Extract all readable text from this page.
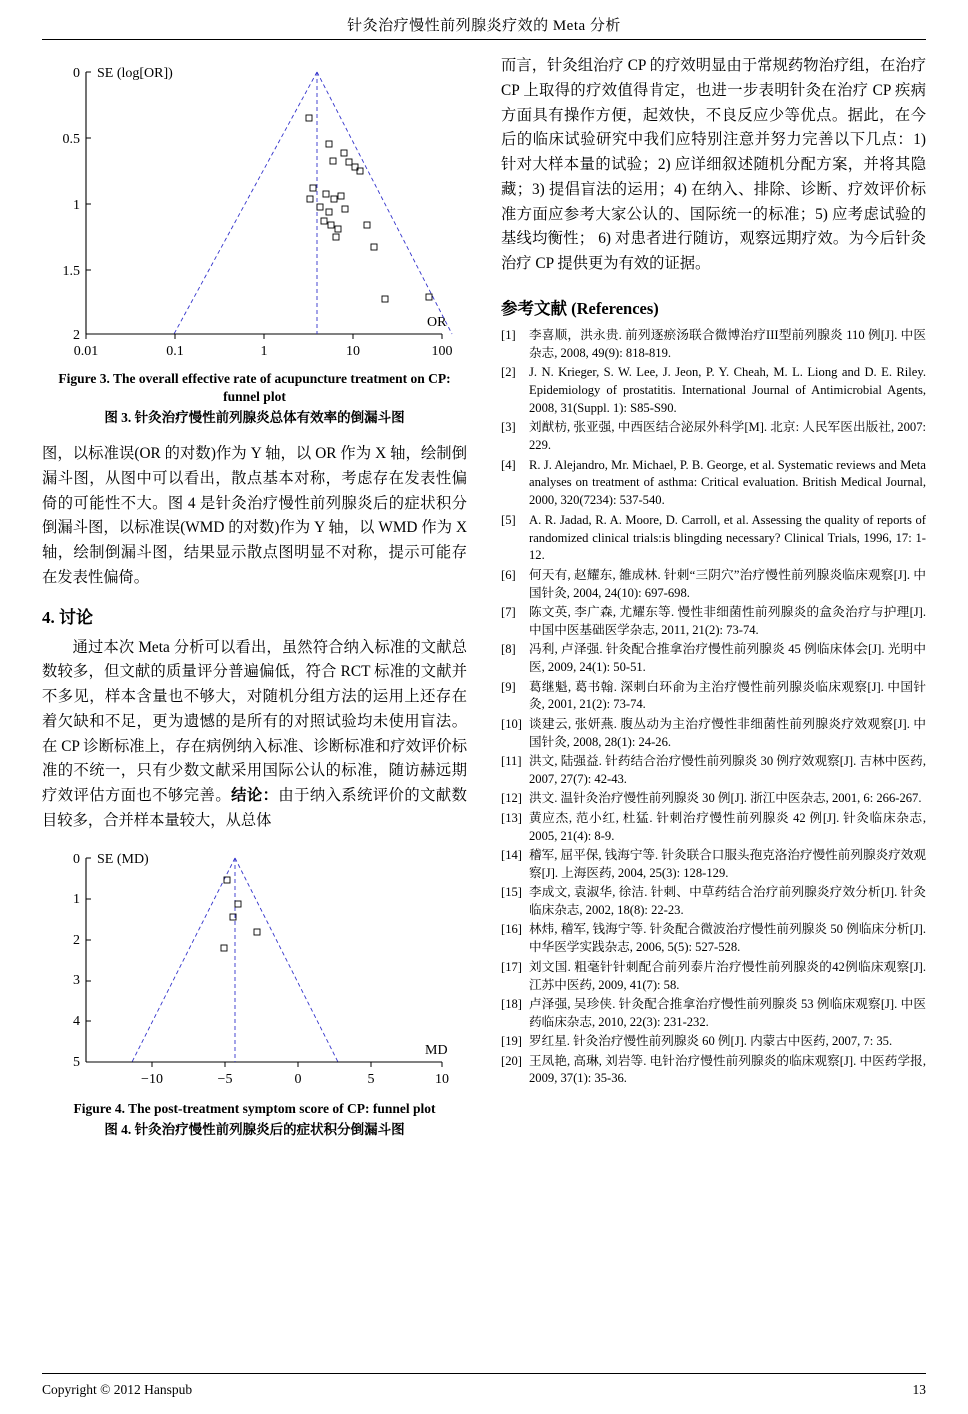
针灸治疗慢性前列腺炎疗效的 Meta 分析
SE (log[OR])
0
0.5
1
1.5
2
0.01	0.1	1	10	100
OR
Figure 3. The overall effective rate of acupuncture treatment on CP: funnel plot
图 3. 针灸治疗慢性前列腺炎总体有效率的倒漏斗图

图，以标准误(OR 的对数)作为 Y 轴，以 OR 作为 X 轴，绘制倒漏斗图，从图中可以看出，散点基本对称，考虑存在发表性偏倚的可能性不大。图 4 是针灸治疗慢性前列腺炎后的症状积分倒漏斗图，以标准误(WMD 的对数)作为 Y 轴，以 WMD 作为 X 轴，绘制倒漏斗图，结果显示散点图明显不对称，提示可能存在发表性偏倚。

4. 讨论

通过本次 Meta 分析可以看出，虽然符合纳入标准的文献总数较多，但文献的质量评分普遍偏低，符合 RCT 标准的文献并不多见，样本含量也不够大，对随机分组方法的运用上还存在着欠缺和不足，更为遗憾的是所有的对照试验均未使用盲法。在 CP 诊断标准上，存在病例纳入标准、诊断标准和疗效评价标准的不统一，只有少数文献采用国际公认的标准，随访赫远期疗效评估方面也不够完善。结论：由于纳入系统评价的文献数目较多，合并样本量较大，从总体

SE (MD)
0
1
2
3
4
5
−10	−5	0	5	10
MD
Figure 4. The post-treatment symptom score of CP: funnel plot
图 4. 针灸治疗慢性前列腺炎后的症状积分倒漏斗图

而言，针灸组治疗 CP 的疗效明显由于常规药物治疗组，在治疗 CP 上取得的疗效值得肯定，也进一步表明针灸在治疗 CP 疾病方面具有操作方便，起效快，不良反应少等优点。据此，在今后的临床试验研究中我们应特别注意并努力完善以下几点：1) 针对大样本量的试验；2) 应详细叙述随机分配方案，并将其隐藏；3) 提倡盲法的运用；4) 在纳入、排除、诊断、疗效评价标准方面应参考大家公认的、国际统一的标准；5) 应考虑试验的基线均衡性； 6) 对患者进行随访，观察远期疗效。为今后针灸治疗 CP 提供更为有效的证据。

参考文献 (References)
[1]	李喜顺，洪永贵. 前列逐瘀汤联合微博治疗III型前列腺炎 110 例[J]. 中医杂志, 2008, 49(9): 818-819.
[2]	J. N. Krieger, S. W. Lee, J. Jeon, P. Y. Cheah, M. L. Liong and D. E. Riley. Epidemiology of prostatitis. International Journal of Antimicrobial Agents, 2008, 31(Suppl. 1): S85-S90.
[3]	刘猷枋, 张亚强, 中西医结合泌尿外科学[M]. 北京: 人民军医出版社, 2007: 229.
[4]	R. J. Alejandro, Mr. Michael, P. B. George, et al. Systematic reviews and Meta analyses on treatment of asthma: Critical evaluation. British Medical Journal, 2000, 320(7234): 537-540.
[5]	A. R. Jadad, R. A. Moore, D. Carroll, et al. Assessing the quality of reports of randomized clinical trials:is blingding necessary? Clinical Trials, 1996, 17: 1-12.
[6]	何天有, 赵耀东, 雒成林. 针刺“三阴穴”治疗慢性前列腺炎临床观察[J]. 中国针灸, 2004, 24(10): 697-698.
[7]	陈文英, 李广森, 尤耀东等. 慢性非细菌性前列腺炎的盒灸治疗与护理[J]. 中国中医基础医学杂志, 2011, 21(2): 73-74.
[8]	冯利, 卢泽强. 针灸配合推拿治疗慢性前列腺炎 45 例临床体会[J]. 光明中医, 2009, 24(1): 50-51.
[9]	葛继魁, 葛书翰. 深刺白环俞为主治疗慢性前列腺炎临床观察[J]. 中国针灸, 2001, 21(2): 73-74.
[10] 谈建云, 张妍燕. 腹丛动为主治疗慢性非细菌性前列腺炎疗效观察[J]. 中国针灸, 2008, 28(1): 24-26.
[11] 洪文, 陆强益. 针药结合治疗慢性前列腺炎 30 例疗效观察[J]. 吉林中医药, 2007, 27(7): 42-43.
[12] 洪文. 温针灸治疗慢性前列腺炎 30 例[J]. 浙江中医杂志, 2001, 6: 266-267.
[13] 黄应杰, 范小红, 杜猛. 针刺治疗慢性前列腺炎 42 例[J]. 针灸临床杂志, 2005, 21(4): 8-9.
[14] 稽军, 屈平保, 钱海宁等. 针灸联合口服头孢克洛治疗慢性前列腺炎疗效观察[J]. 上海医药, 2004, 25(3): 128-129.
[15] 李成文, 袁淑华, 徐洁. 针刺、中草药结合治疗前列腺炎疗效分析[J]. 针灸临床杂志, 2002, 18(8): 22-23.
[16] 林炜, 稽军, 钱海宁等. 针灸配合微波治疗慢性前列腺炎 50 例临床分析[J]. 中华医学实践杂志, 2006, 5(5): 527-528.
[17] 刘文国. 粗毫针针刺配合前列泰片治疗慢性前列腺炎的42例临床观察[J]. 江苏中医药, 2009, 41(7): 58.
[18] 卢泽强, 吴珍侠. 针灸配合推拿治疗慢性前列腺炎 53 例临床观察[J]. 中医药临床杂志, 2010, 22(3): 231-232.
[19] 罗红星. 针灸治疗慢性前列腺炎 60 例[J]. 内蒙古中医药, 2007, 7: 35.
[20] 王凤艳, 高琳, 刘岩等. 电针治疗慢性前列腺炎的临床观察[J]. 中医药学报, 2009, 37(1): 35-36.
Copyright © 2012 Hanspub	13
